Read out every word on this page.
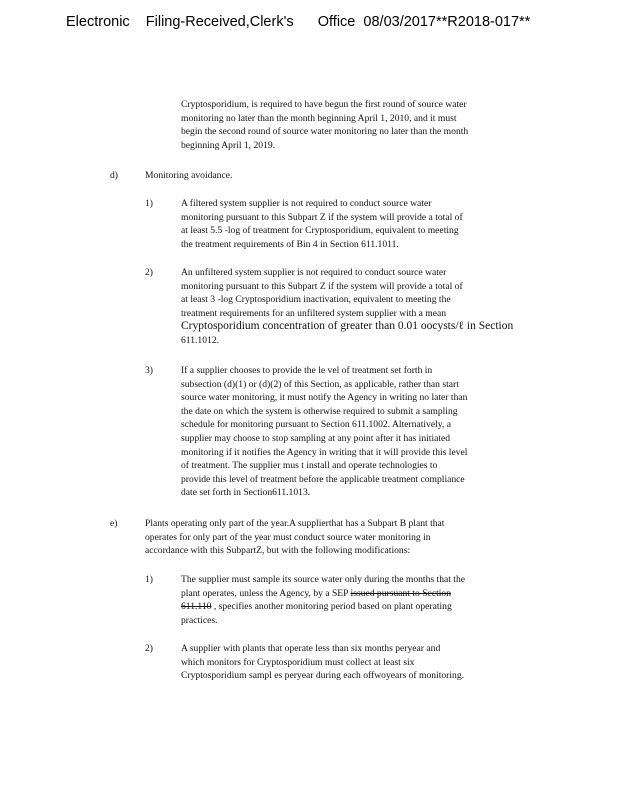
Electronic    Filing-Received,Clerk's      Office  08/03/2017**R2018-017**
Cryptosporidium, is required to have begun the first round of source water
monitoring no later than the month beginning April 1, 2010, and it must
begin the second round of source water monitoring no later than the month
beginning April 1, 2019.
d)	Monitoring avoidance.
1)	A filtered system supplier is not required to conduct source water
monitoring pursuant to this Subpart Z if the system will provide a total of
at least 5.5 -log of treatment for Cryptosporidium, equivalent to meeting
the treatment requirements of Bin 4 in Section 611.1011.
2)	An unfiltered system supplier is not required to conduct source water
monitoring pursuant to this Subpart Z if the system will provide a total of
at least 3 -log Cryptosporidium inactivation, equivalent to meeting the
treatment requirements for an unfiltered system supplier with a mean
Cryptosporidium concentration of greater than 0.01 oocysts/ℓ in Section
611.1012.
3)	If a supplier chooses to provide the le vel of treatment set forth in
subsection (d)(1) or (d)(2) of this Section, as applicable, rather than start
source water monitoring, it must notify the Agency in writing no later than
the date on which the system is otherwise required to submit a sampling
schedule for monitoring pursuant to Section 611.1002. Alternatively, a
supplier may choose to stop sampling at any point after it has initiated
monitoring if it notifies the Agency in writing that it will provide this level
of treatment. The supplier mus t install and operate technologies to
provide this level of treatment before the applicable treatment compliance
date set forth in Section611.1013.
e)	Plants operating only part of the year.A supplierthat has a Subpart B plant that
operates for only part of the year must conduct source water monitoring in
accordance with this SubpartZ, but with the following modifications:
1)	The supplier must sample its source water only during the months that the
plant operates, unless the Agency, by a SEP issued pursuant to Section
611.110 , specifies another monitoring period based on plant operating
practices.
2)	A supplier with plants that operate less than six months peryear and
which monitors for Cryptosporidium must collect at least six
Cryptosporidium sampl es peryear during each offwoyears of monitoring.
